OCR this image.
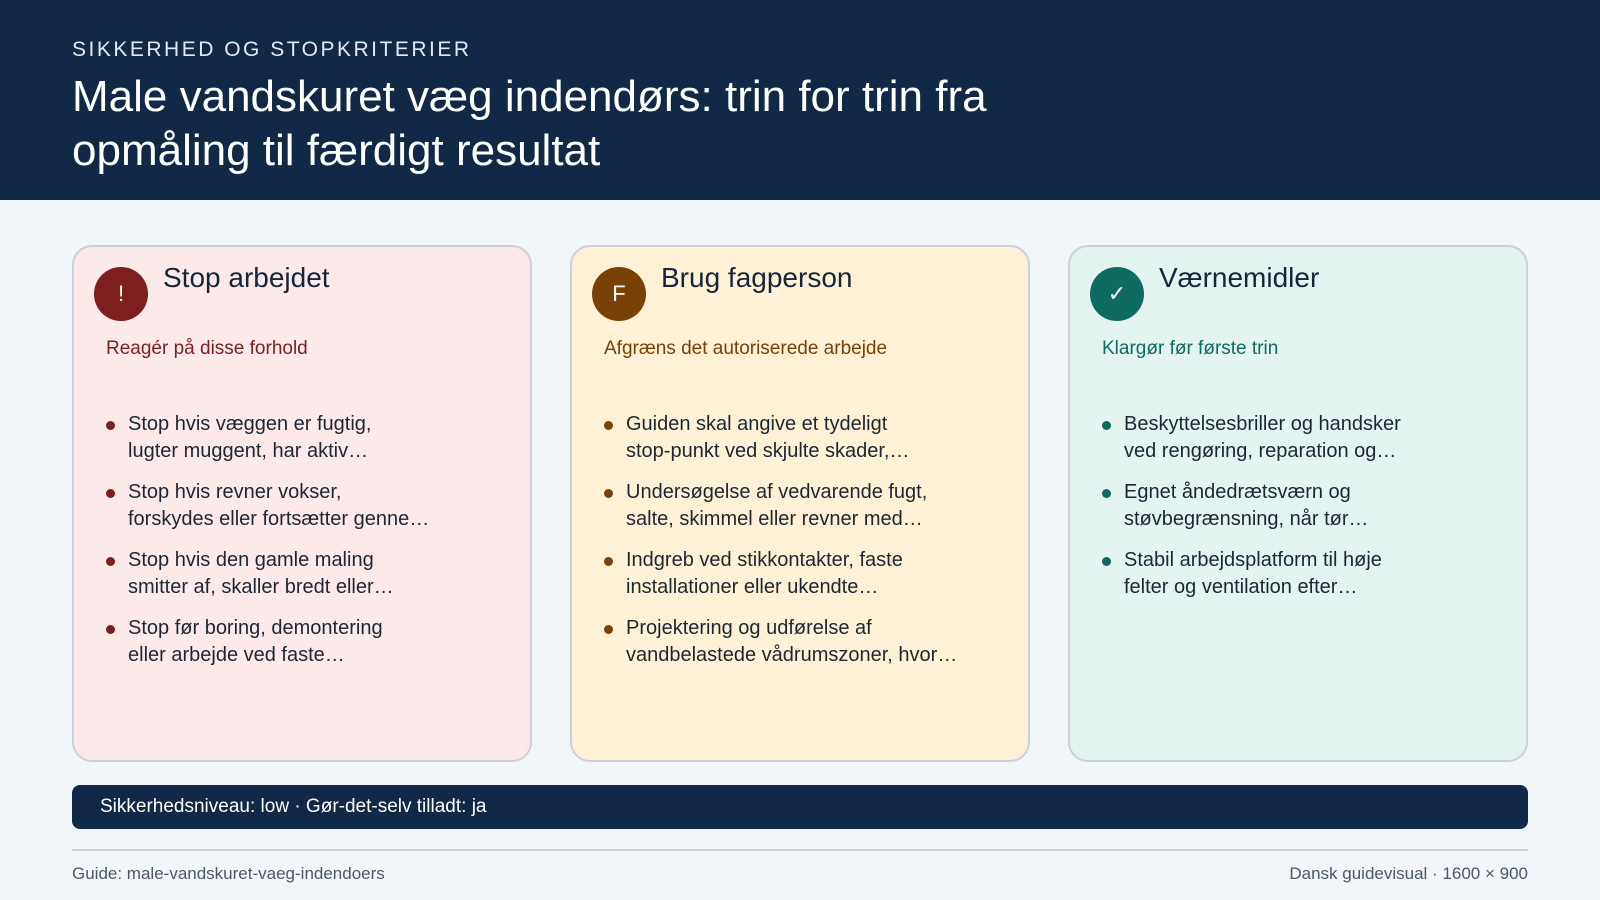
SIKKERHED OG STOPKRITERIER
Male vandskuret væg indendørs: trin for trin fra opmåling til færdigt resultat
!
Stop arbejdet
Reagér på disse forhold
Stop hvis væggen er fugtig,
lugter muggent, har aktiv…
Stop hvis revner vokser,
forskydes eller fortsætter genne…
Stop hvis den gamle maling
smitter af, skaller bredt eller…
Stop før boring, demontering
eller arbejde ved faste…
F
Brug fagperson
Afgræns det autoriserede arbejde
Guiden skal angive et tydeligt
stop-punkt ved skjulte skader,…
Undersøgelse af vedvarende fugt,
salte, skimmel eller revner med…
Indgreb ved stikkontakter, faste
installationer eller ukendte…
Projektering og udførelse af
vandbelastede vådrumszoner, hvor…
✓
Værnemidler
Klargør før første trin
Beskyttelsesbriller og handsker
ved rengøring, reparation og…
Egnet åndedrætsværn og
støvbegrænsning, når tør…
Stabil arbejdsplatform til høje
felter og ventilation efter…
Sikkerhedsniveau: low · Gør-det-selv tilladt: ja
Guide: male-vandskuret-vaeg-indendoers	Dansk guidevisual · 1600 × 900
